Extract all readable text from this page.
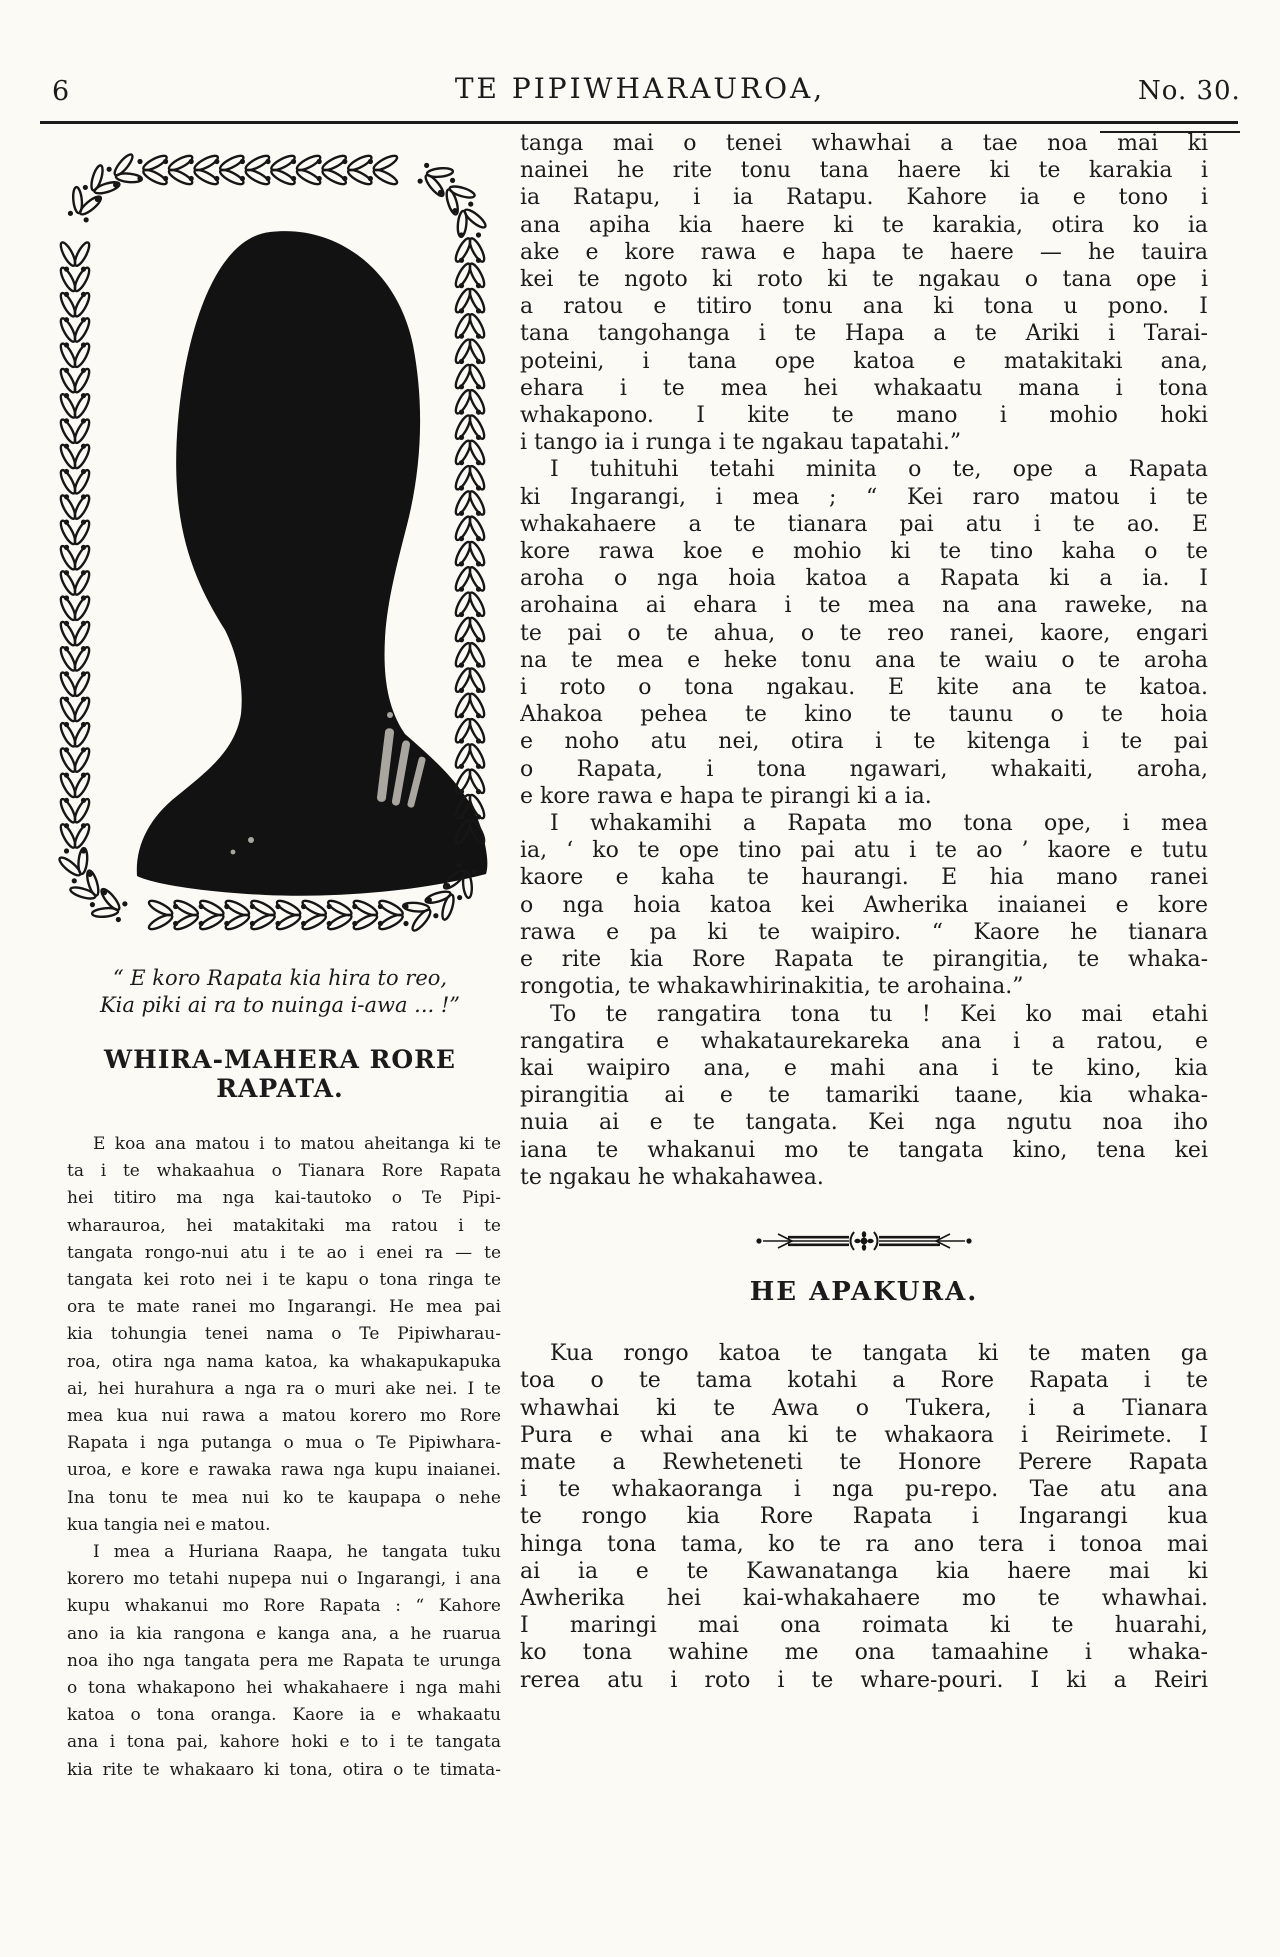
6	TE PIPIWHARAUROA,	No. 30.
“ E koro Rapata kia hira to reo,
Kia piki ai ra to nuinga i-awa ... !”
WHIRA-MAHERA RORE RAPATA.
E koa ana matou i to matou aheitanga ki te
ta i te whakaahua o Tianara Rore Rapata
hei titiro ma nga kai-tautoko o Te Pipi-
wharauroa, hei matakitaki ma ratou i te
tangata rongo-nui atu i te ao i enei ra — te
tangata kei roto nei i te kapu o tona ringa te
ora te mate ranei mo Ingarangi. He mea pai
kia tohungia tenei nama o Te Pipiwharau-
roa, otira nga nama katoa, ka whakapukapuka
ai, hei hurahura a nga ra o muri ake nei. I te
mea kua nui rawa a matou korero mo Rore
Rapata i nga putanga o mua o Te Pipiwhara-
uroa, e kore e rawaka rawa nga kupu inaianei.
Ina tonu te mea nui ko te kaupapa o nehe
kua tangia nei e matou.
I mea a Huriana Raapa, he tangata tuku
korero mo tetahi nupepa nui o Ingarangi, i ana
kupu whakanui mo Rore Rapata : “ Kahore
ano ia kia rangona e kanga ana, a he ruarua
noa iho nga tangata pera me Rapata te urunga
o tona whakapono hei whakahaere i nga mahi
katoa o tona oranga. Kaore ia e whakaatu
ana i tona pai, kahore hoki e to i te tangata
kia rite te whakaaro ki tona, otira o te timata-
tanga mai o tenei whawhai a tae noa mai ki
nainei he rite tonu tana haere ki te karakia i
ia Ratapu, i ia Ratapu. Kahore ia e tono i
ana apiha kia haere ki te karakia, otira ko ia
ake e kore rawa e hapa te haere — he tauira
kei te ngoto ki roto ki te ngakau o tana ope i
a ratou e titiro tonu ana ki tona u pono. I
tana tangohanga i te Hapa a te Ariki i Tarai-
poteini, i tana ope katoa e matakitaki ana,
ehara i te mea hei whakaatu mana i tona
whakapono. I kite te mano i mohio hoki
i tango ia i runga i te ngakau tapatahi.”
I tuhituhi tetahi minita o te, ope a Rapata
ki Ingarangi, i mea ; “ Kei raro matou i te
whakahaere a te tianara pai atu i te ao. E
kore rawa koe e mohio ki te tino kaha o te
aroha o nga hoia katoa a Rapata ki a ia. I
arohaina ai ehara i te mea na ana raweke, na
te pai o te ahua, o te reo ranei, kaore, engari
na te mea e heke tonu ana te waiu o te aroha
i roto o tona ngakau. E kite ana te katoa.
Ahakoa pehea te kino te taunu o te hoia
e noho atu nei, otira i te kitenga i te pai
o Rapata, i tona ngawari, whakaiti, aroha,
e kore rawa e hapa te pirangi ki a ia.
I whakamihi a Rapata mo tona ope, i mea
ia, ‘ ko te ope tino pai atu i te ao ’ kaore e tutu
kaore e kaha te haurangi. E hia mano ranei
o nga hoia katoa kei Awherika inaianei e kore
rawa e pa ki te waipiro. “ Kaore he tianara
e rite kia Rore Rapata te pirangitia, te whaka-
rongotia, te whakawhirinakitia, te arohaina.”
To te rangatira tona tu ! Kei ko mai etahi
rangatira e whakataurekareka ana i a ratou, e
kai waipiro ana, e mahi ana i te kino, kia
pirangitia ai e te tamariki taane, kia whaka-
nuia ai e te tangata. Kei nga ngutu noa iho
iana te whakanui mo te tangata kino, tena kei
te ngakau he whakahawea.
HE APAKURA.
Kua rongo katoa te tangata ki te maten ga
toa o te tama kotahi a Rore Rapata i te
whawhai ki te Awa o Tukera, i a Tianara
Pura e whai ana ki te whakaora i Reirimete. I
mate a Rewheteneti te Honore Perere Rapata
i te whakaoranga i nga pu-repo. Tae atu ana
te rongo kia Rore Rapata i Ingarangi kua
hinga tona tama, ko te ra ano tera i tonoa mai
ai ia e te Kawanatanga kia haere mai ki
Awherika hei kai-whakahaere mo te whawhai.
I maringi mai ona roimata ki te huarahi,
ko tona wahine me ona tamaahine i whaka-
rerea atu i roto i te whare-pouri. I ki a Reiri
